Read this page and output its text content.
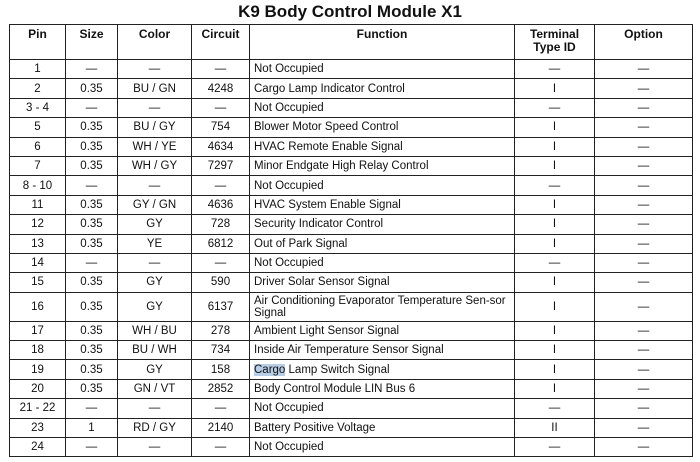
K9 Body Control Module X1
Pin	Size	Color	Circuit	Function	Terminal Type ID	Option
1	—	—	—	Not Occupied	—	—
2	0.35	BU / GN	4248	Cargo Lamp Indicator Control	I	—
3 - 4	—	—	—	Not Occupied	—	—
5	0.35	BU / GY	754	Blower Motor Speed Control	I	—
6	0.35	WH / YE	4634	HVAC Remote Enable Signal	I	—
7	0.35	WH / GY	7297	Minor Endgate High Relay Control	I	—
8 - 10	—	—	—	Not Occupied	—	—
11	0.35	GY / GN	4636	HVAC System Enable Signal	I	—
12	0.35	GY	728	Security Indicator Control	I	—
13	0.35	YE	6812	Out of Park Signal	I	—
14	—	—	—	Not Occupied	—	—
15	0.35	GY	590	Driver Solar Sensor Signal	I	—
16	0.35	GY	6137	Air Conditioning Evaporator Temperature Sen-sor Signal	I	—
17	0.35	WH / BU	278	Ambient Light Sensor Signal	I	—
18	0.35	BU / WH	734	Inside Air Temperature Sensor Signal	I	—
19	0.35	GY	158	Cargo Lamp Switch Signal	I	—
20	0.35	GN / VT	2852	Body Control Module LIN Bus 6	I	—
21 - 22	—	—	—	Not Occupied	—	—
23	1	RD / GY	2140	Battery Positive Voltage	II	—
24	—	—	—	Not Occupied	—	—
